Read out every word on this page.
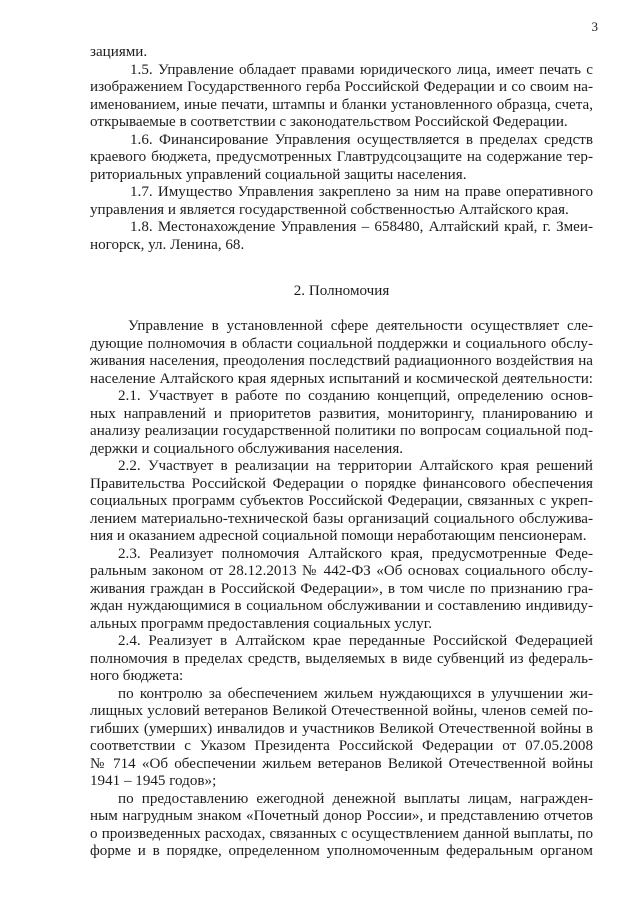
3
зациями.
1.5. Управление обладает правами юридического лица, имеет печать с
изображением Государственного герба Российской Федерации и со своим на-
именованием, иные печати, штампы и бланки установленного образца, счета,
открываемые в соответствии с законодательством Российской Федерации.
1.6. Финансирование Управления осуществляется в пределах средств
краевого бюджета, предусмотренных Главтрудсоцзащите на содержание тер-
риториальных управлений социальной защиты населения.
1.7. Имущество Управления закреплено за ним на праве оперативного
управления и является государственной собственностью Алтайского края.
1.8. Местонахождение Управления – 658480, Алтайский край, г. Змеи-
ногорск, ул. Ленина, 68.
2. Полномочия
Управление в установленной сфере деятельности осуществляет сле-
дующие полномочия в области социальной поддержки и социального обслу-
живания населения, преодоления последствий радиационного воздействия на
население Алтайского края ядерных испытаний и космической деятельности:
2.1. Участвует в работе по созданию концепций, определению основ-
ных направлений и приоритетов развития, мониторингу, планированию и
анализу реализации государственной политики по вопросам социальной под-
держки и социального обслуживания населения.
2.2. Участвует в реализации на территории Алтайского края решений
Правительства Российской Федерации о порядке финансового обеспечения
социальных программ субъектов Российской Федерации, связанных с укреп-
лением материально-технической базы организаций социального обслужива-
ния и оказанием адресной социальной помощи неработающим пенсионерам.
2.3. Реализует полномочия Алтайского края, предусмотренные Феде-
ральным законом от 28.12.2013 № 442-ФЗ «Об основах социального обслу-
живания граждан в Российской Федерации», в том числе по признанию гра-
ждан нуждающимися в социальном обслуживании и составлению индивиду-
альных программ предоставления социальных услуг.
2.4. Реализует в Алтайском крае переданные Российской Федерацией
полномочия в пределах средств, выделяемых в виде субвенций из федераль-
ного бюджета:
по контролю за обеспечением жильем нуждающихся в улучшении жи-
лищных условий ветеранов Великой Отечественной войны, членов семей по-
гибших (умерших) инвалидов и участников Великой Отечественной войны в
соответствии с Указом Президента Российской Федерации от 07.05.2008
№ 714 «Об обеспечении жильем ветеранов Великой Отечественной войны
1941 – 1945 годов»;
по предоставлению ежегодной денежной выплаты лицам, награжден-
ным нагрудным знаком «Почетный донор России», и представлению отчетов
о произведенных расходах, связанных с осуществлением данной выплаты, по
форме и в порядке, определенном уполномоченным федеральным органом
